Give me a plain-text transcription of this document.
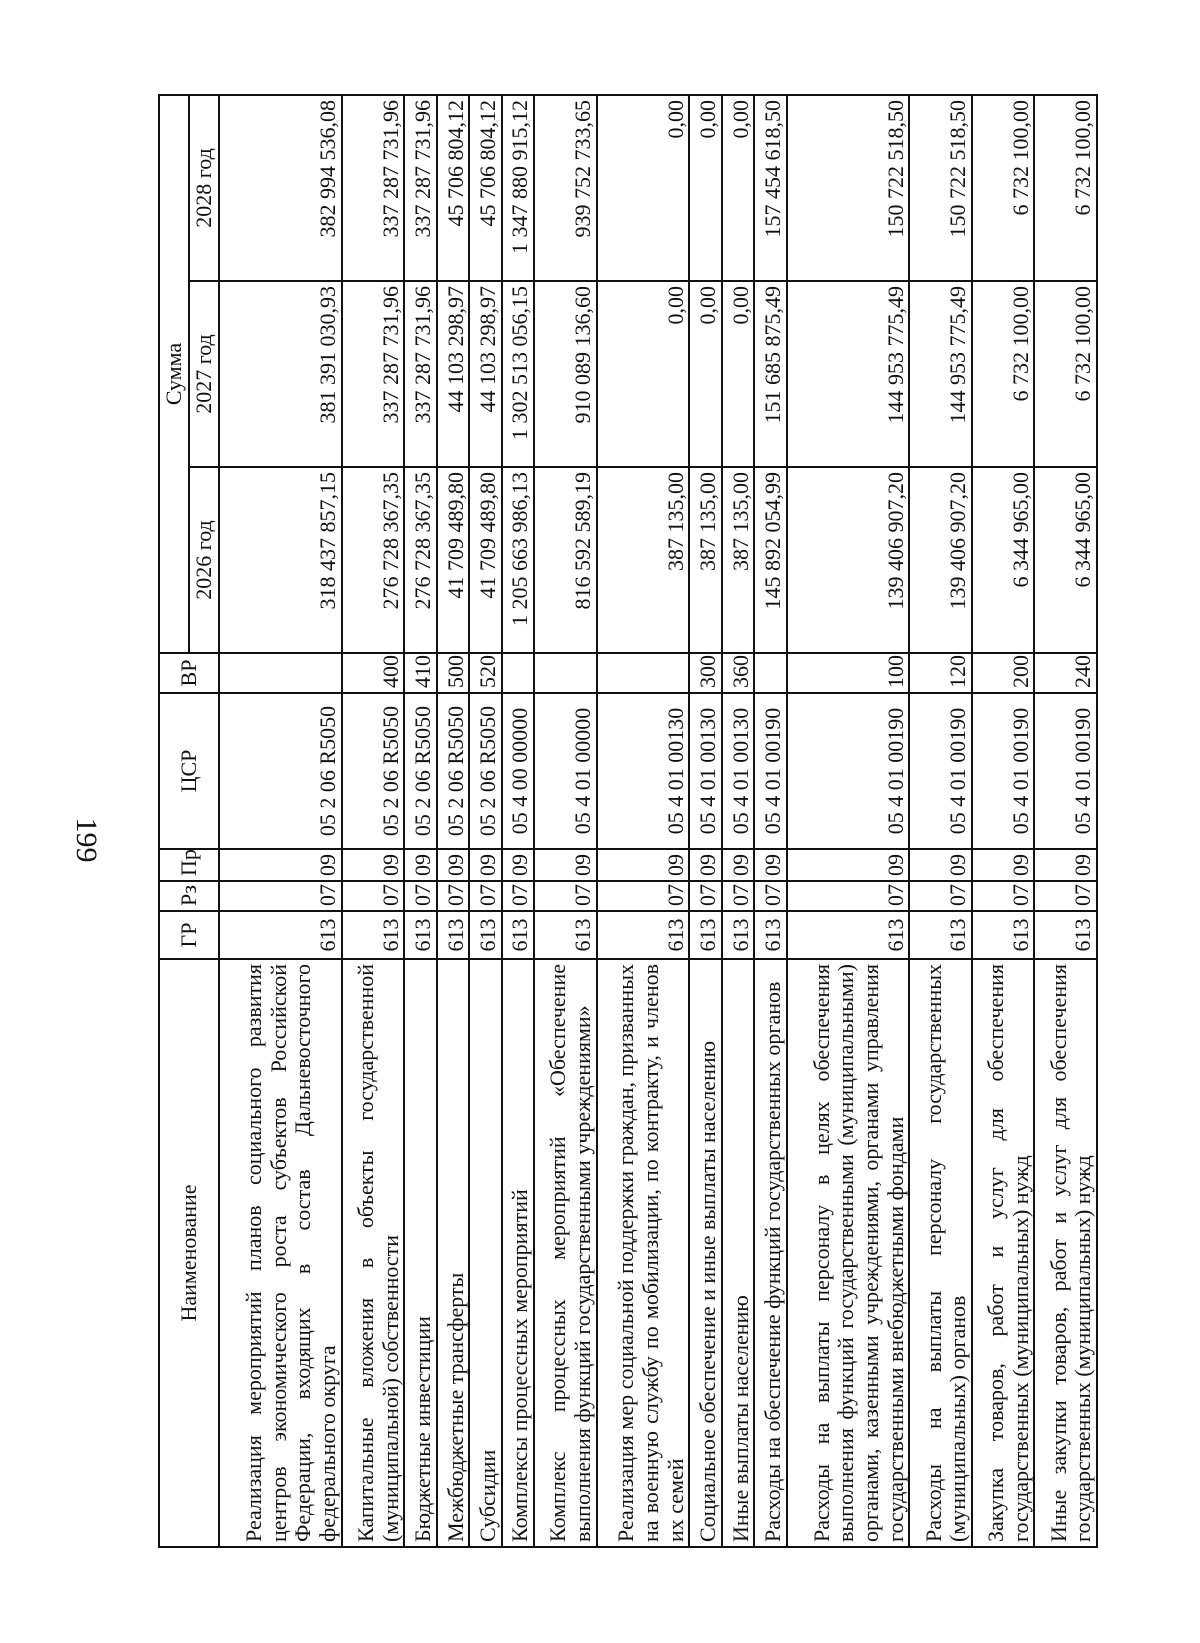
199
Наименование	ГР	Рз	Пр	ЦСР	ВР	Сумма		
						2026 год	2027 год	2028 год
Реализация мероприятий планов социального развития центров экономического роста субъектов Российской Федерации, входящих в состав Дальневосточного федерального округа	613	07	09	05 2 06 R5050		318 437 857,15	381 391 030,93	382 994 536,08
Капитальные вложения в объекты государственной (муниципальной) собственности	613	07	09	05 2 06 R5050	400	276 728 367,35	337 287 731,96	337 287 731,96
Бюджетные инвестиции	613	07	09	05 2 06 R5050	410	276 728 367,35	337 287 731,96	337 287 731,96
Межбюджетные трансферты	613	07	09	05 2 06 R5050	500	41 709 489,80	44 103 298,97	45 706 804,12
Субсидии	613	07	09	05 2 06 R5050	520	41 709 489,80	44 103 298,97	45 706 804,12
Комплексы процессных мероприятий	613	07	09	05 4 00 00000		1 205 663 986,13	1 302 513 056,15	1 347 880 915,12
Комплекс процессных мероприятий «Обеспечение выполнения функций государственными учреждениями»	613	07	09	05 4 01 00000		816 592 589,19	910 089 136,60	939 752 733,65
Реализация мер социальной поддержки граждан, призванных на военную службу по мобилизации, по контракту, и членов их семей	613	07	09	05 4 01 00130		387 135,00	0,00	0,00
Социальное обеспечение и иные выплаты населению	613	07	09	05 4 01 00130	300	387 135,00	0,00	0,00
Иные выплаты населению	613	07	09	05 4 01 00130	360	387 135,00	0,00	0,00
Расходы на обеспечение функций государственных органов	613	07	09	05 4 01 00190		145 892 054,99	151 685 875,49	157 454 618,50
Расходы на выплаты персоналу в целях обеспечения выполнения функций государственными (муниципальными) органами, казенными учреждениями, органами управления государственными внебюджетными фондами	613	07	09	05 4 01 00190	100	139 406 907,20	144 953 775,49	150 722 518,50
Расходы на выплаты персоналу государственных (муниципальных) органов	613	07	09	05 4 01 00190	120	139 406 907,20	144 953 775,49	150 722 518,50
Закупка товаров, работ и услуг для обеспечения государственных (муниципальных) нужд	613	07	09	05 4 01 00190	200	6 344 965,00	6 732 100,00	6 732 100,00
Иные закупки товаров, работ и услуг для обеспечения государственных (муниципальных) нужд	613	07	09	05 4 01 00190	240	6 344 965,00	6 732 100,00	6 732 100,00
